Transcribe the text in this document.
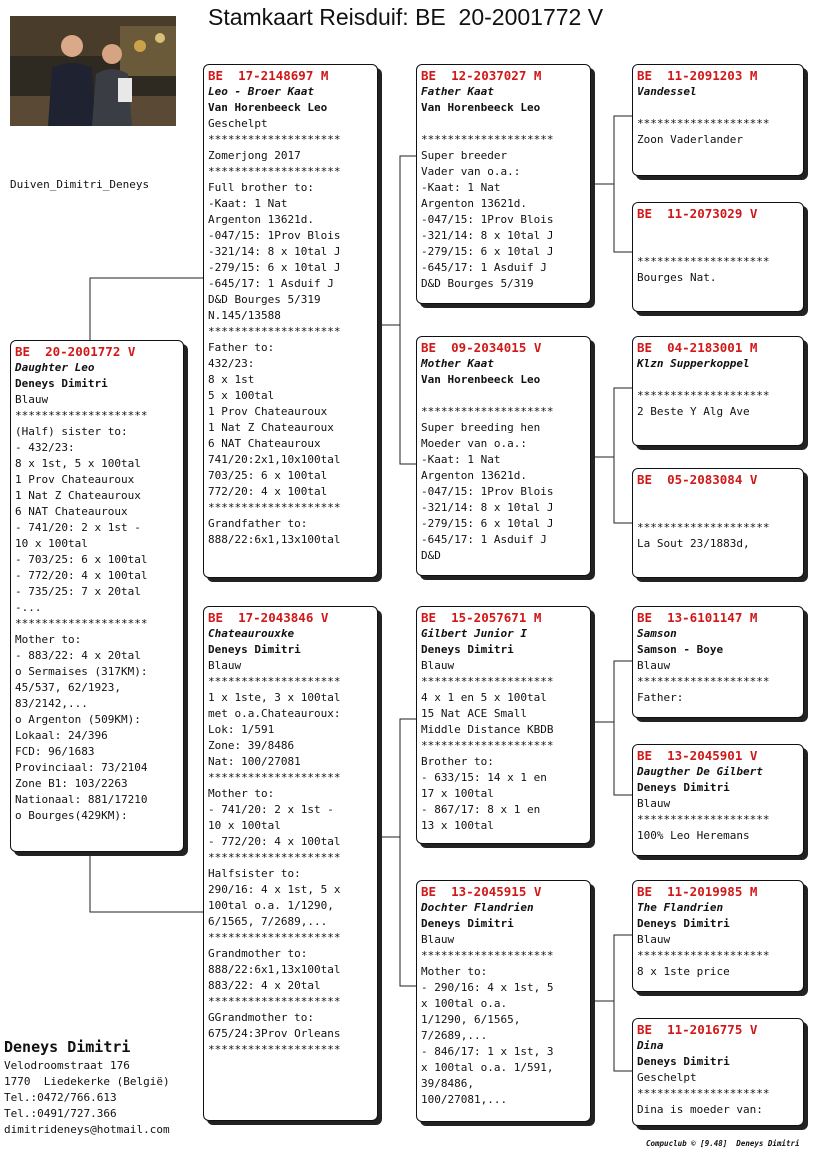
Stamkaart Reisduif: BE  20-2001772 V
Duiven_Dimitri_Deneys
BE  20-2001772 V
Daughter Leo
Deneys Dimitri
Blauw
********************
(Half) sister to:
- 432/23:
8 x 1st, 5 x 100tal
1 Prov Chateauroux
1 Nat Z Chateauroux
6 NAT Chateauroux
- 741/20: 2 x 1st -
10 x 100tal
- 703/25: 6 x 100tal
- 772/20: 4 x 100tal
- 735/25: 7 x 20tal
-...
********************
Mother to:
- 883/22: 4 x 20tal
o Sermaises (317KM):
45/537, 62/1923,
83/2142,...
o Argenton (509KM):
Lokaal: 24/396
FCD: 96/1683
Provinciaal: 73/2104
Zone B1: 103/2263
Nationaal: 881/17210
o Bourges(429KM):
BE  17-2148697 M
Leo - Broer Kaat
Van Horenbeeck Leo
Geschelpt
********************
Zomerjong 2017
********************
Full brother to:
-Kaat: 1 Nat
Argenton 13621d.
-047/15: 1Prov Blois
-321/14: 8 x 10tal J
-279/15: 6 x 10tal J
-645/17: 1 Asduif J
D&D Bourges 5/319
N.145/13588
********************
Father to:
432/23:
8 x 1st
5 x 100tal
1 Prov Chateauroux
1 Nat Z Chateauroux
6 NAT Chateauroux
741/20:2x1,10x100tal
703/25: 6 x 100tal
772/20: 4 x 100tal
********************
Grandfather to:
888/22:6x1,13x100tal
BE  17-2043846 V
Chateaurouxke
Deneys Dimitri
Blauw
********************
1 x 1ste, 3 x 100tal
met o.a.Chateauroux:
Lok: 1/591
Zone: 39/8486
Nat: 100/27081
********************
Mother to:
- 741/20: 2 x 1st -
10 x 100tal
- 772/20: 4 x 100tal
********************
Halfsister to:
290/16: 4 x 1st, 5 x
100tal o.a. 1/1290,
6/1565, 7/2689,...
********************
Grandmother to:
888/22:6x1,13x100tal
883/22: 4 x 20tal
********************
GGrandmother to:
675/24:3Prov Orleans
********************
BE  12-2037027 M
Father Kaat
Van Horenbeeck Leo
********************
Super breeder
Vader van o.a.:
-Kaat: 1 Nat
Argenton 13621d.
-047/15: 1Prov Blois
-321/14: 8 x 10tal J
-279/15: 6 x 10tal J
-645/17: 1 Asduif J
D&D Bourges 5/319
BE  09-2034015 V
Mother Kaat
Van Horenbeeck Leo
********************
Super breeding hen
Moeder van o.a.:
-Kaat: 1 Nat
Argenton 13621d.
-047/15: 1Prov Blois
-321/14: 8 x 10tal J
-279/15: 6 x 10tal J
-645/17: 1 Asduif J
D&D
BE  15-2057671 M
Gilbert Junior I
Deneys Dimitri
Blauw
********************
4 x 1 en 5 x 100tal
15 Nat ACE Small
Middle Distance KBDB
********************
Brother to:
- 633/15: 14 x 1 en
17 x 100tal
- 867/17: 8 x 1 en
13 x 100tal
BE  13-2045915 V
Dochter Flandrien
Deneys Dimitri
Blauw
********************
Mother to:
- 290/16: 4 x 1st, 5
x 100tal o.a.
1/1290, 6/1565,
7/2689,...
- 846/17: 1 x 1st, 3
x 100tal o.a. 1/591,
39/8486,
100/27081,...
BE  11-2091203 M
Vandessel
********************
Zoon Vaderlander
BE  11-2073029 V
********************
Bourges Nat.
BE  04-2183001 M
Klzn Supperkoppel
********************
2 Beste Y Alg Ave
BE  05-2083084 V
********************
La Sout 23/1883d,
BE  13-6101147 M
Samson
Samson - Boye
Blauw
********************
Father:
BE  13-2045901 V
Daugther De Gilbert
Deneys Dimitri
Blauw
********************
100% Leo Heremans
BE  11-2019985 M
The Flandrien
Deneys Dimitri
Blauw
********************
8 x 1ste price
BE  11-2016775 V
Dina
Deneys Dimitri
Geschelpt
********************
Dina is moeder van:
Deneys Dimitri
Velodroomstraat 176
1770  Liedekerke (België)
Tel.:0472/766.613
Tel.:0491/727.366
dimitrideneys@hotmail.com
Compuclub © [9.48]  Deneys Dimitri
